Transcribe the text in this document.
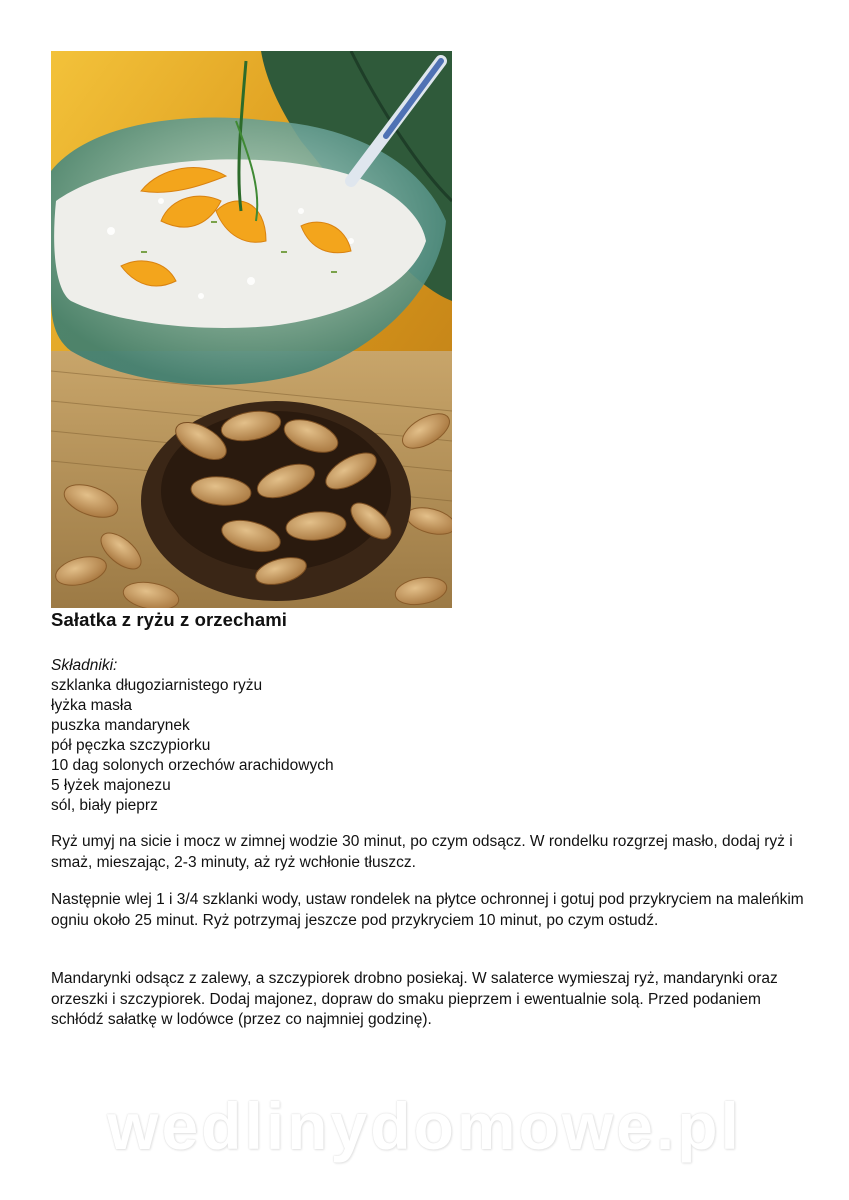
Sałatka z ryżu z orzechami
Składniki:
szklanka długoziarnistego ryżu
łyżka masła
puszka mandarynek
pół pęczka szczypiorku
10 dag solonych orzechów arachidowych
5 łyżek majonezu
sól, biały pieprz

Ryż umyj na sicie i mocz w zimnej wodzie 30 minut, po czym odsącz. W rondelku rozgrzej masło, dodaj ryż i smaż, mieszając, 2-3 minuty, aż ryż wchłonie tłuszcz.

Następnie wlej 1 i 3/4 szklanki wody, ustaw rondelek na płytce ochronnej i gotuj pod przykryciem na maleńkim ogniu około 25 minut. Ryż potrzymaj jeszcze pod przykryciem 10 minut, po czym ostudź.

Mandarynki odsącz z zalewy, a szczypiorek drobno posiekaj. W salaterce wymieszaj ryż, mandarynki oraz orzeszki i szczypiorek. Dodaj majonez, dopraw do smaku pieprzem i ewentualnie solą. Przed podaniem schłódź sałatkę w lodówce (przez co najmniej godzinę).

wedlinydomowe.pl
